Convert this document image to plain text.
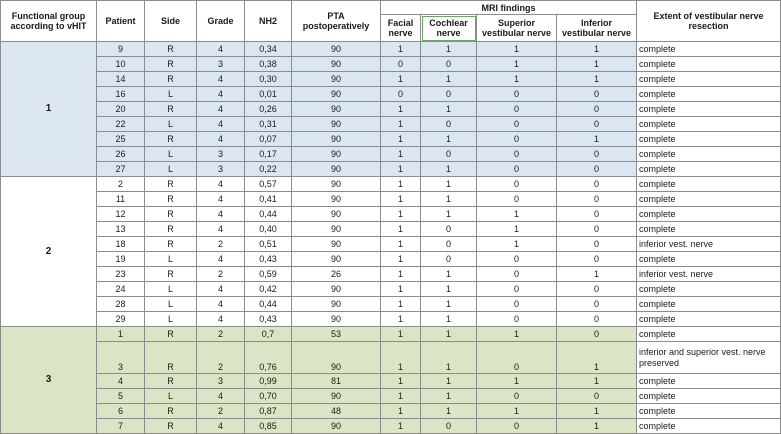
Functional group according to vHIT	Patient	Side	Grade	NH2	PTA postoperatively	MRI findings				Extent of vestibular nerve resection
						Facial nerve	Cochlear nerve	Superior vestibular nerve	Inferior vestibular nerve	
1	9	R	4	0,34	90	1	1	1	1	complete
	10	R	3	0,38	90	0	0	1	1	complete
	14	R	4	0,30	90	1	1	1	1	complete
	16	L	4	0,01	90	0	0	0	0	complete
	20	R	4	0,26	90	1	1	0	0	complete
	22	L	4	0,31	90	1	0	0	0	complete
	25	R	4	0,07	90	1	1	0	1	complete
	26	L	3	0,17	90	1	0	0	0	complete
	27	L	3	0,22	90	1	1	0	0	complete
2	2	R	4	0,57	90	1	1	0	0	complete
	11	R	4	0,41	90	1	1	0	0	complete
	12	R	4	0,44	90	1	1	1	0	complete
	13	R	4	0,40	90	1	0	1	0	complete
	18	R	2	0,51	90	1	0	1	0	inferior vest. nerve
	19	L	4	0,43	90	1	0	0	0	complete
	23	R	2	0,59	26	1	1	0	1	inferior vest. nerve
	24	L	4	0,42	90	1	1	0	0	complete
	28	L	4	0,44	90	1	1	0	0	complete
	29	L	4	0,43	90	1	1	0	0	complete
3	1	R	2	0,7	53	1	1	1	0	complete
	3	R	2	0,76	90	1	1	0	1	inferior and superior vest. nerve preserved
	4	R	3	0,99	81	1	1	1	1	complete
	5	L	4	0,70	90	1	1	0	0	complete
	6	R	2	0,87	48	1	1	1	1	complete
	7	R	4	0,85	90	1	0	0	1	complete
